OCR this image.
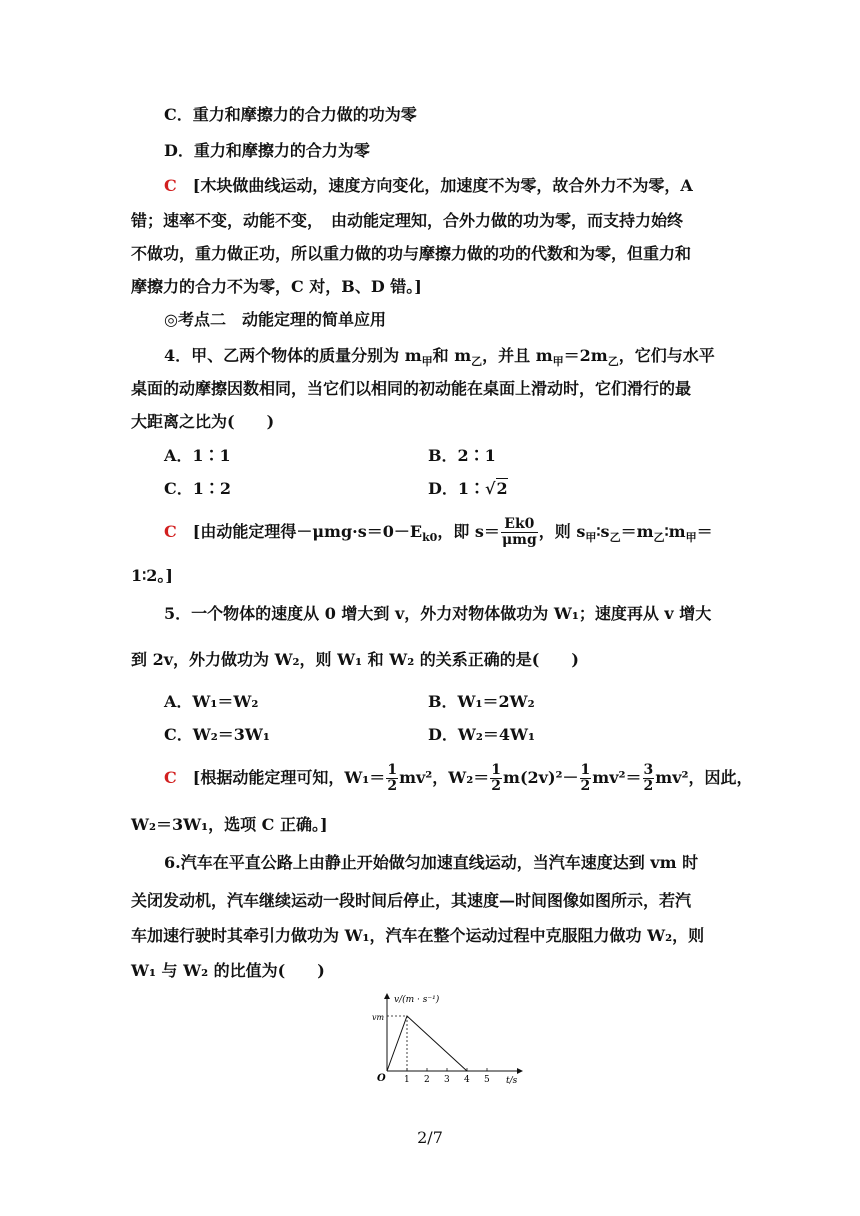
C．重力和摩擦力的合力做的功为零
D．重力和摩擦力的合力为零
C　 [木块做曲线运动，速度方向变化，加速度不为零，故合外力不为零，A
错；速率不变，动能不变，　由动能定理知，合外力做的功为零，而支持力始终
不做功，重力做正功，所以重力做的功与摩擦力做的功的代数和为零，但重力和
摩擦力的合力不为零，C 对，B、D 错。]
◎考点二　动能定理的简单应用
4．甲、乙两个物体的质量分别为 $m_甲$和 $m_乙$，并且 $m_甲=2m_乙$，它们与水平
桌面的动摩擦因数相同，当它们以相同的初动能在桌面上滑动时，它们滑行的最
大距离之比为(　　)
A．1∶1	B．2∶1
C．1∶2	D．1∶√2
C　 [由动能定理得$-\mu mg\cdot s=0-E_{k0}$，即 $s= \frac{Ek0}{\text{μmg}}$ ，则 $s_甲∶s_乙=m_乙∶m_甲=$
1∶2。]
5．一个物体的速度从 0 增大到 v，外力对物体做功为 W₁；速度再从 v 增大
到 2v，外力做功为 W₂，则 W₁ 和 W₂ 的关系正确的是(　　)
A．W₁＝W₂	B．W₁＝2W₂
C．W₂＝3W₁	D．W₂＝4W₁
C　 [根据动能定理可知，$W_1= \frac{1}{2} mv^2$，$W_2= \frac{1}{2} m(2v)^2- \frac{1}{2} mv^2= \frac{3}{2} mv^2$，因此，
W₂＝3W₁，选项 C 正确。]
6.汽车在平直公路上由静止开始做匀加速直线运动，当汽车速度达到 vm 时
关闭发动机，汽车继续运动一段时间后停止，其速度—时间图像如图所示，若汽
车加速行驶时其牵引力做功为 W₁，汽车在整个运动过程中克服阻力做功 W₂，则
W₁ 与 W₂ 的比值为(　　)
v/(m · s⁻¹)
t/s
O
vm
1 2 3 4 5
2/7
